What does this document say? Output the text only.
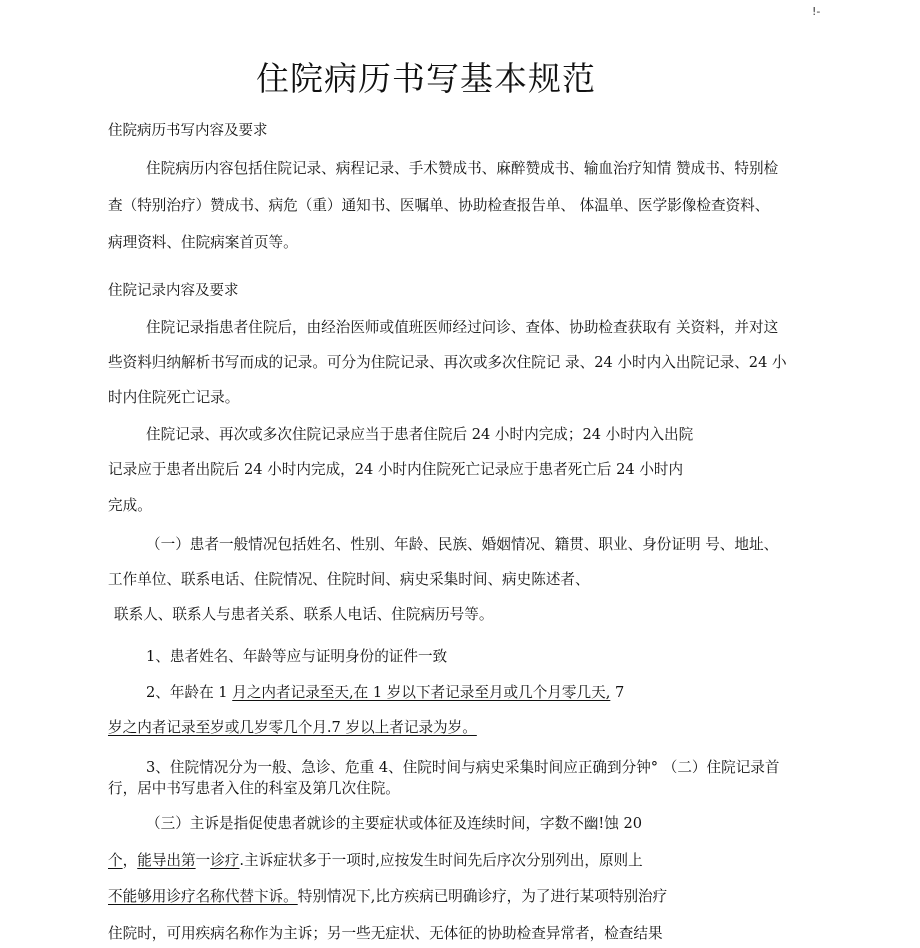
!-
住院病历书写基本规范
住院病历书写内容及要求
住院病历内容包括住院记录、病程记录、手术赞成书、麻醉赞成书、输血治疗知情 赞成书、特别检
查（特别治疗）赞成书、病危（重）通知书、医嘱单、协助检查报告单、 体温单、医学影像检查资料、
病理资料、住院病案首页等。
住院记录内容及要求
住院记录指患者住院后，由经治医师或值班医师经过问诊、查体、协助检查获取有 关资料，并对这
些资料归纳解析书写而成的记录。可分为住院记录、再次或多次住院记 录、24 小时内入出院记录、24 小
时内住院死亡记录。
住院记录、再次或多次住院记录应当于患者住院后 24 小时内完成；24 小时内入出院
记录应于患者出院后 24 小时内完成，24 小时内住院死亡记录应于患者死亡后 24 小时内
完成。
（一）患者一般情况包括姓名、性别、年龄、民族、婚姻情况、籍贯、职业、身份证明 号、地址、
工作单位、联系电话、住院情况、住院时间、病史采集时间、病史陈述者、
联系人、联系人与患者关系、联系人电话、住院病历号等。
1、患者姓名、年龄等应与证明身份的证件一致
2、年龄在 1 月之内者记录至天,在 1 岁以下者记录至月或几个月零几天, 7
岁之内者记录至岁或几岁零几个月.7 岁以上者记录为岁。
3、住院情况分为一般、急诊、危重 4、住院时间与病史采集时间应正确到分钟° （二）住院记录首
行，居中书写患者入住的科室及第几次住院。
（三）主诉是指促使患者就诊的主要症状或体征及连续时间，字数不幽!蚀 20
个，能导出第一诊疗.主诉症状多于一项时,应按发生时间先后序次分别列出，原则上
不能够用诊疗名称代替卞诉。特别情况下,比方疾病已明确诊疗，为了进行某项特别治疗
住院时，可用疾病名称作为主诉；另一些无症状、无体征的协助检查异常者，检查结果
